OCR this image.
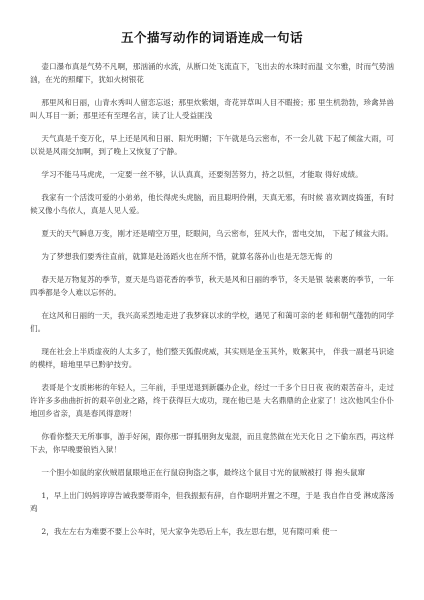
五个描写动作的词语连成一句话

壶口瀑布真是气势不凡啊，那汹涌的水流，从断口处飞流直下，飞出去的水珠时而温 文尔雅，时而气势汹汹，在光的照耀下，犹如火树银花

那里风和日丽，山青水秀叫人留恋忘返；那里炊紫烟，奇花异草叫人目不暇接；那 里生机勃勃，珍禽异兽叫人耳目一新；那里还有至理名言，读了让人受益匪浅

天气真是千变万化，早上还是风和日丽、阳光明媚；下午就是乌云密布，不一会儿就 下起了倾盆大雨，可以说是风雨交加啊，到了晚上又恢复了宁静。

学习不能马马虎虎，一定要一丝不够，认认真真，还要刻苦努力，持之以恒，才能取 得好成绩。

我家有一个活泼可爱的小弟弟，他长得虎头虎脑，而且聪明伶俐，天真无邪，有时候 喜欢调皮捣蛋，有时候又像小鸟依人，真是人见人爱。

夏天的天气瞬息万变，刚才还是晴空万里，眨眼间，乌云密布，狂风大作，雷电交加， 下起了倾盆大雨。

为了梦想我们要秀往直前，就算是赴汤蹈火也在所不惜，就算名落孙山也是无怨无悔 的

春天是万物复苏的季节，夏天是鸟语花香的季节，秋天是风和日丽的季节，冬天是银 装素裹的季节，一年四季都是令人难以忘怀的。

在这风和日丽的一天，我兴高采烈地走进了我梦寐以求的学校，遇见了和蔼可亲的老 师和朝气蓬勃的同学们。

现在社会上半质虚夜的人太多了，他们整天狐假虎威，其实则是金玉其外，败絮其中， 伴我一副老马识途的模样，暗地里早已黔驴技穷。

表哥是个支质彬彬的年轻人，三年前，手里逞退到新疆办企业，经过一千多个日日夜 夜的艰苦奋斗，走过许许多多曲曲折折的艰辛创业之路，终于获得巨大成功，现在他已是 大名鼎鼎的企业家了！这次他风尘仆仆地回乡省亲，真是春风得意呀！

你看你整天无所事事，游手好闲，跟你那一群狐朋狗友鬼混，而且竟然做在光天化日 之下偷东西，再这样下去，你早晚要锒铛入狱！

一个胆小如鼠的家伙贼眉鼠眼地正在行鼠窃狗盗之事，最终这个鼠目寸光的鼠贼被打 得 抱头鼠窜

1，早上出门妈妈谆谆告诫我要带雨伞，但我振振有辞，自作聪明并置之不理，于是 我自作自受 淋成落汤鸡

2，我左左右为难要不要上公车时，见大家争先恐后上车，我左思右想，见有隙可乘 使一
